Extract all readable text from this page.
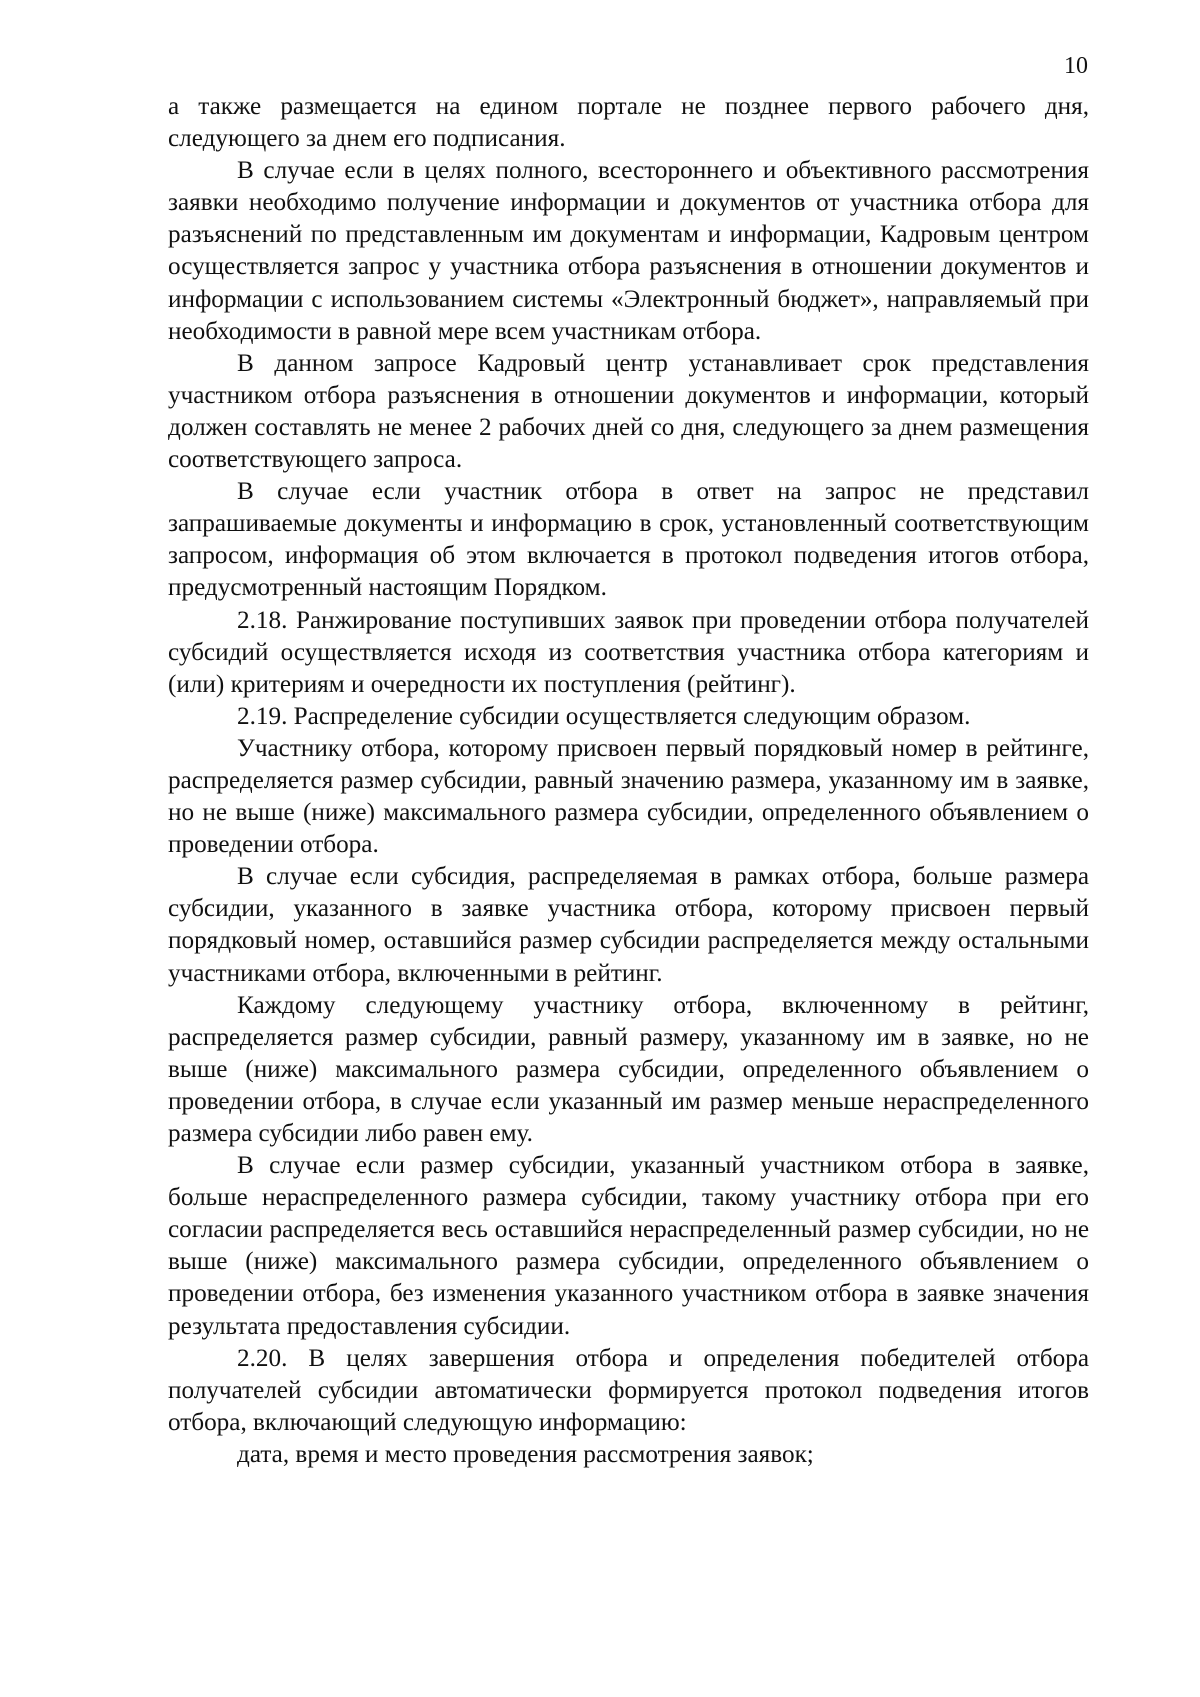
10

а также размещается на едином портале не позднее первого рабочего дня, следующего за днем его подписания.

В случае если в целях полного, всестороннего и объективного рассмотрения заявки необходимо получение информации и документов от участника отбора для разъяснений по представленным им документам и информации, Кадровым центром осуществляется запрос у участника отбора разъяснения в отношении документов и информации с использованием системы «Электронный бюджет», направляемый при необходимости в равной мере всем участникам отбора.

В данном запросе Кадровый центр устанавливает срок представления участником отбора разъяснения в отношении документов и информации, который должен составлять не менее 2 рабочих дней со дня, следующего за днем размещения соответствующего запроса.

В случае если участник отбора в ответ на запрос не представил запрашиваемые документы и информацию в срок, установленный соответствующим запросом, информация об этом включается в протокол подведения итогов отбора, предусмотренный настоящим Порядком.

2.18. Ранжирование поступивших заявок при проведении отбора получателей субсидий осуществляется исходя из соответствия участника отбора категориям и (или) критериям и очередности их поступления (рейтинг).

2.19. Распределение субсидии осуществляется следующим образом.

Участнику отбора, которому присвоен первый порядковый номер в рейтинге, распределяется размер субсидии, равный значению размера, указанному им в заявке, но не выше (ниже) максимального размера субсидии, определенного объявлением о проведении отбора.

В случае если субсидия, распределяемая в рамках отбора, больше размера субсидии, указанного в заявке участника отбора, которому присвоен первый порядковый номер, оставшийся размер субсидии распределяется между остальными участниками отбора, включенными в рейтинг.

Каждому следующему участнику отбора, включенному в рейтинг, распределяется размер субсидии, равный размеру, указанному им в заявке, но не выше (ниже) максимального размера субсидии, определенного объявлением о проведении отбора, в случае если указанный им размер меньше нераспределенного размера субсидии либо равен ему.

В случае если размер субсидии, указанный участником отбора в заявке, больше нераспределенного размера субсидии, такому участнику отбора при его согласии распределяется весь оставшийся нераспределенный размер субсидии, но не выше (ниже) максимального размера субсидии, определенного объявлением о проведении отбора, без изменения указанного участником отбора в заявке значения результата предоставления субсидии.

2.20. В целях завершения отбора и определения победителей отбора получателей субсидии автоматически формируется протокол подведения итогов отбора, включающий следующую информацию:

дата, время и место проведения рассмотрения заявок;
